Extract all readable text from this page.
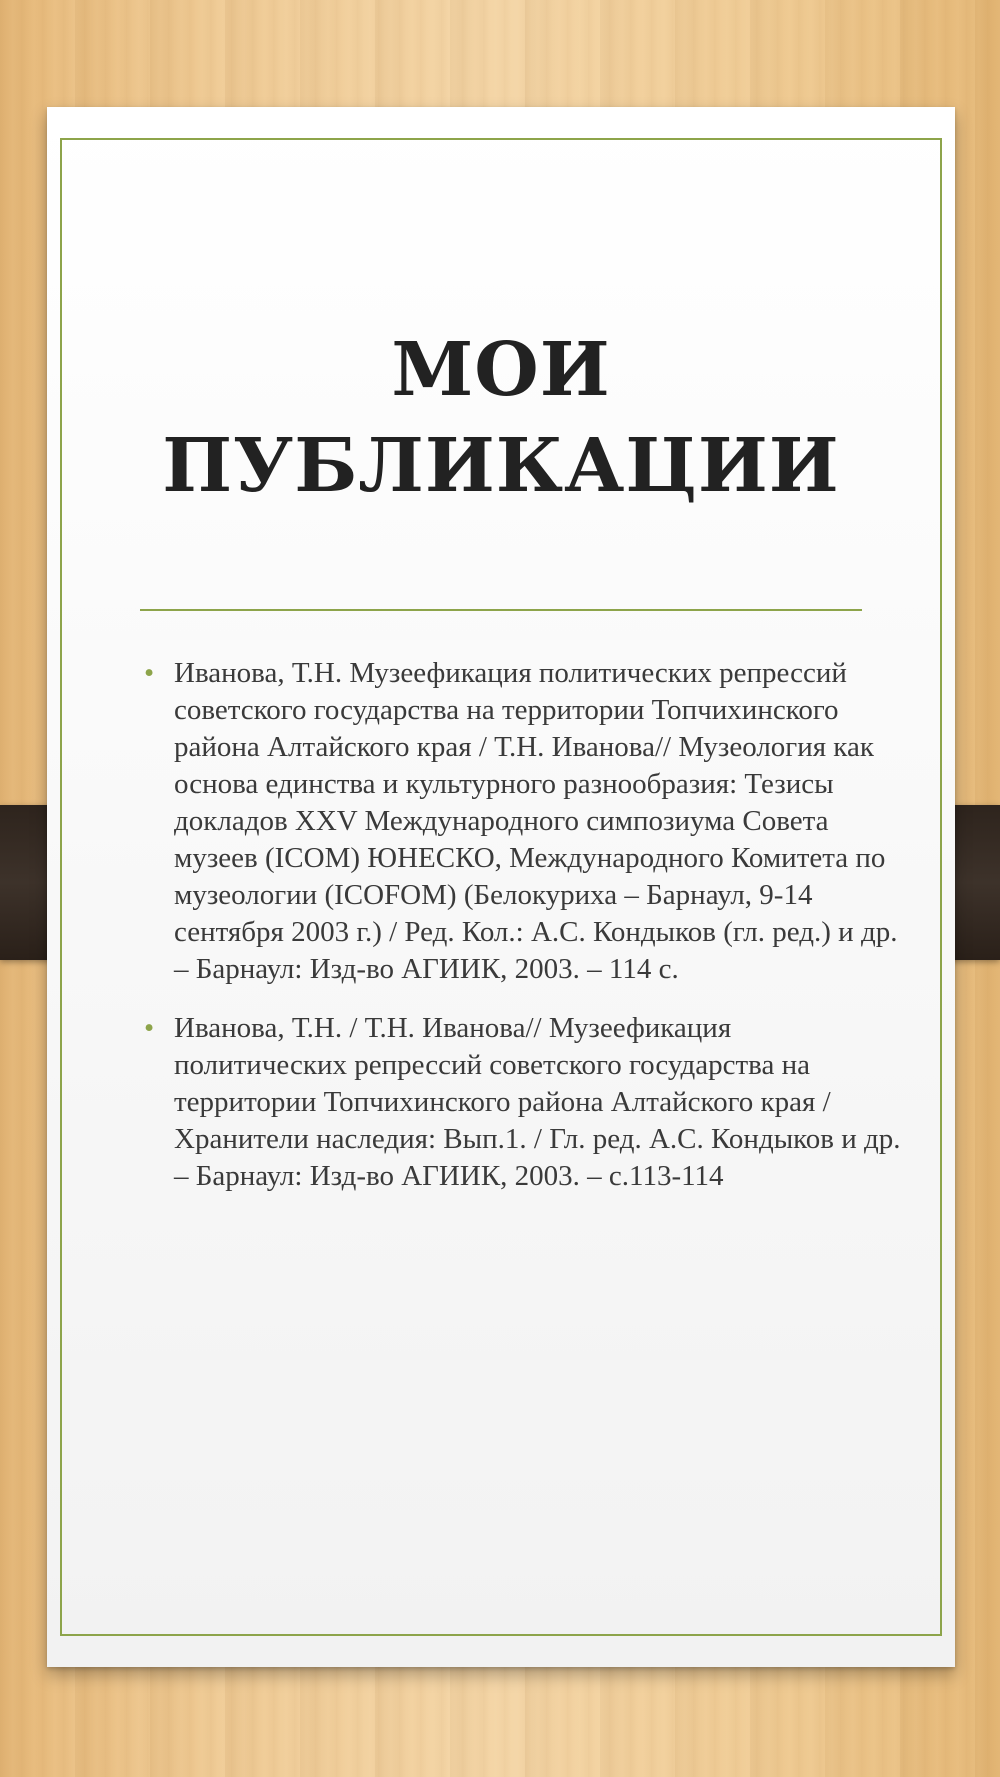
МОИ
ПУБЛИКАЦИИ
• Иванова, Т.Н. Музеефикация политических репрессий советского государства на территории Топчихинского района Алтайского края / Т.Н. Иванова// Музеология как основа единства и культурного разнообразия: Тезисы докладов XXV Международного симпозиума Совета музеев (ICOM) ЮНЕСКО, Международного Комитета по музеологии (ICOFOM) (Белокуриха – Барнаул, 9-14 сентября 2003 г.) / Ред. Кол.: А.С. Кондыков (гл. ред.) и др. – Барнаул: Изд-во АГИИК, 2003. – 114 с.
• Иванова, Т.Н. / Т.Н. Иванова// Музеефикация политических репрессий советского государства на территории Топчихинского района Алтайского края / Хранители наследия: Вып.1. / Гл. ред. А.С. Кондыков и др. – Барнаул: Изд-во АГИИК, 2003. – с.113-114
